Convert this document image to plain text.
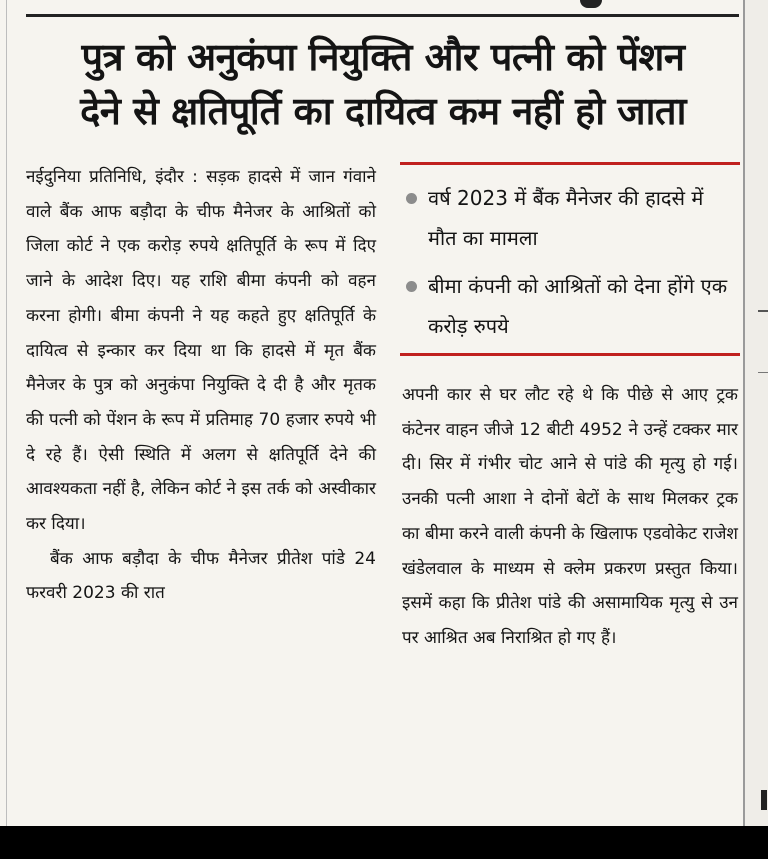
पुत्र को अनुकंपा नियुक्ति और पत्नी को पेंशन
देने से क्षतिपूर्ति का दायित्व कम नहीं हो जाता

नईदुनिया प्रतिनिधि, इंदौर : सड़क हादसे में जान गंवाने वाले बैंक आफ बड़ौदा के चीफ मैनेजर के आश्रितों को जिला कोर्ट ने एक करोड़ रुपये क्षतिपूर्ति के रूप में दिए जाने के आदेश दिए। यह राशि बीमा कंपनी को वहन करना होगी। बीमा कंपनी ने यह कहते हुए क्षतिपूर्ति के दायित्व से इन्कार कर दिया था कि हादसे में मृत बैंक मैनेजर के पुत्र को अनुकंपा नियुक्ति दे दी है और मृतक की पत्नी को पेंशन के रूप में प्रतिमाह 70 हजार रुपये भी दे रहे हैं। ऐसी स्थिति में अलग से क्षतिपूर्ति देने की आवश्यकता नहीं है, लेकिन कोर्ट ने इस तर्क को अस्वीकार कर दिया।

बैंक आफ बड़ौदा के चीफ मैनेजर प्रीतेश पांडे 24 फरवरी 2023 की रात

वर्ष 2023 में बैंक मैनेजर की हादसे में मौत का मामला
बीमा कंपनी को आश्रितों को देना होंगे एक करोड़ रुपये

अपनी कार से घर लौट रहे थे कि पीछे से आए ट्रक कंटेनर वाहन जीजे 12 बीटी 4952 ने उन्हें टक्कर मार दी। सिर में गंभीर चोट आने से पांडे की मृत्यु हो गई। उनकी पत्नी आशा ने दोनों बेटों के साथ मिलकर ट्रक का बीमा करने वाली कंपनी के खिलाफ एडवोकेट राजेश खंडेलवाल के माध्यम से क्लेम प्रकरण प्रस्तुत किया। इसमें कहा कि प्रीतेश पांडे की असामायिक मृत्यु से उन पर आश्रित अब निराश्रित हो गए हैं।
